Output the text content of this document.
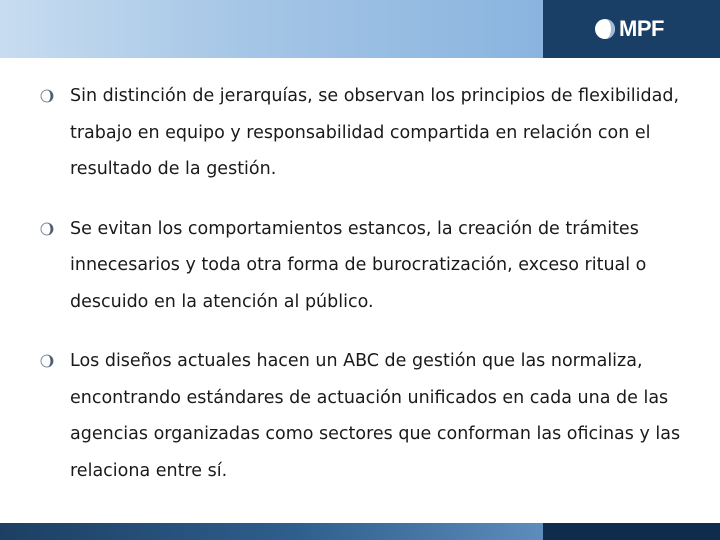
MPF

Sin distinción de jerarquías, se observan los principios de flexibilidad, trabajo en equipo y responsabilidad compartida en relación con el resultado de la gestión.

Se evitan los comportamientos estancos, la creación de trámites innecesarios y toda otra forma de burocratización, exceso ritual o descuido en la atención al público.

Los diseños actuales hacen un ABC de gestión que las normaliza, encontrando estándares de actuación unificados en cada una de las agencias organizadas como sectores que conforman las oficinas y las relaciona entre sí.
